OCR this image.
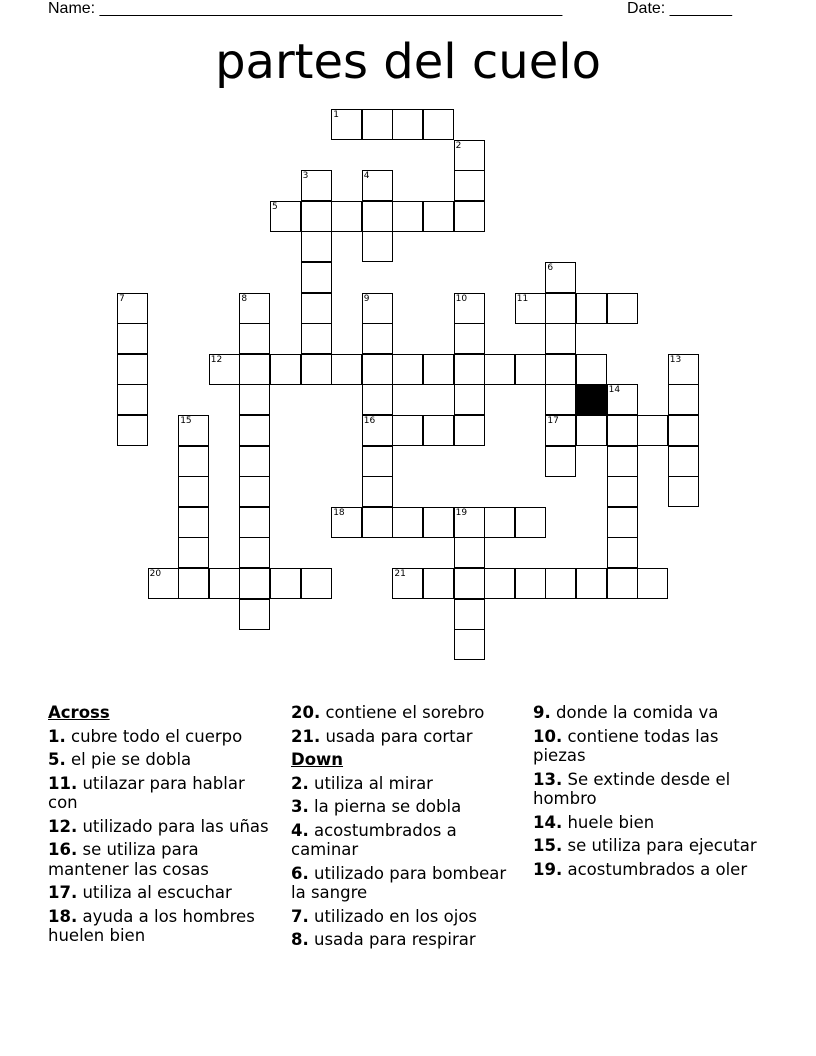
Name: ____________________________________________________	Date: _______
partes del cuelo
1
2
3	4
5
6
7	8	9	10	11
12	13
14
15	16	17
18	19
20	21
Across
1. cubre todo el cuerpo
5. el pie se dobla
11. utilazar para hablar con
12. utilizado para las uñas
16. se utiliza para mantener las cosas
17. utiliza al escuchar
18. ayuda a los hombres huelen bien
20. contiene el sorebro
21. usada para cortar
Down
2. utiliza al mirar
3. la pierna se dobla
4. acostumbrados a caminar
6. utilizado para bombear la sangre
7. utilizado en los ojos
8. usada para respirar
9. donde la comida va
10. contiene todas las piezas
13. Se extinde desde el hombro
14. huele bien
15. se utiliza para ejecutar
19. acostumbrados a oler
